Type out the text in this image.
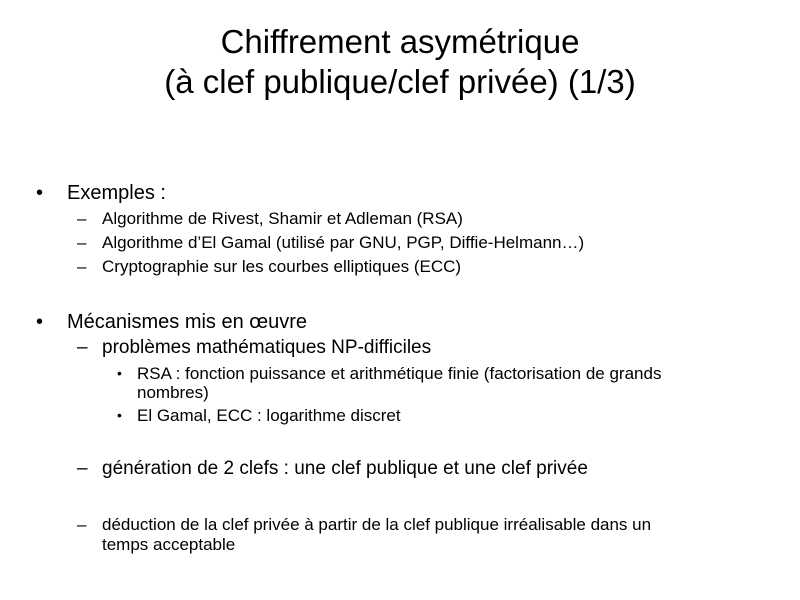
Chiffrement asymétrique
(à clef publique/clef privée) (1/3)
• Exemples :
– Algorithme de Rivest, Shamir et Adleman (RSA)
– Algorithme d’El Gamal (utilisé par GNU, PGP, Diffie-Helmann…)
– Cryptographie sur les courbes elliptiques (ECC)
• Mécanismes mis en œuvre
– problèmes mathématiques NP-difficiles
• RSA : fonction puissance et arithmétique finie (factorisation de grands
nombres)
• El Gamal, ECC : logarithme discret
– génération de 2 clefs : une clef publique et une clef privée
– déduction de la clef privée à partir de la clef publique irréalisable dans un
temps acceptable
